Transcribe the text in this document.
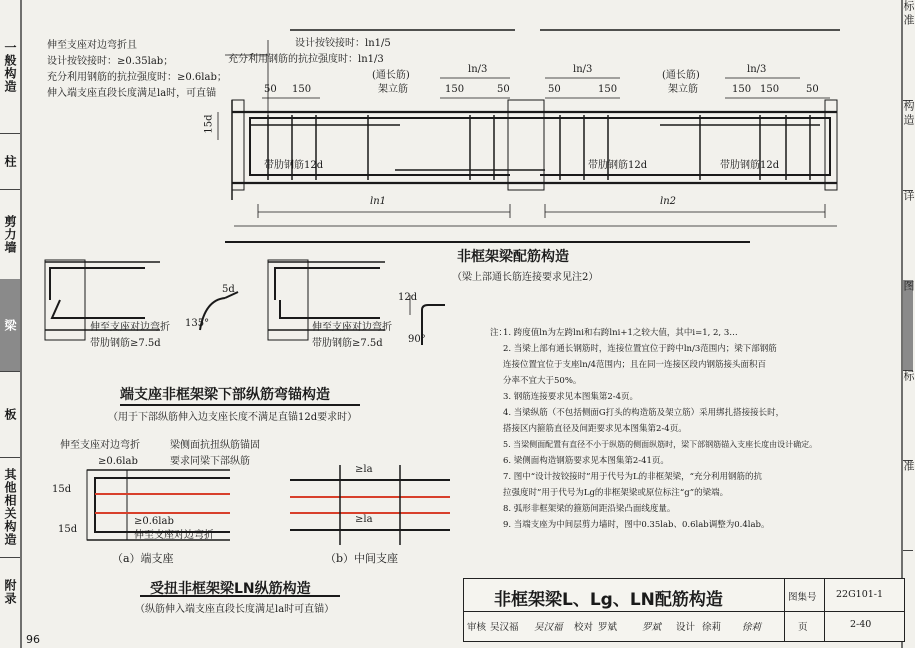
一般构造
柱
剪力墙
梁
板
其他相关构造
附录
96
标准
构造
详
图
标
准
伸至支座对边弯折且
设计按铰接时：≥0.35lab；
充分利用钢筋的抗拉强度时：≥0.6lab；
伸入端支座直段长度满足la时，可直锚
设计按铰接时：ln1/5
充分利用钢筋的抗拉强度时：ln1/3
50 150
ln/3
150	50	50
ln/3
150	150
ln/3
150	50
15d
(通长筋)
架立筋
(通长筋)
架立筋
带肋钢筋12d	带肋钢筋12d	带肋钢筋12d
ln1	ln2
非框架梁配筋构造
（梁上部通长筋连接要求见注2）
伸至支座对边弯折
带肋钢筋≥7.5d
伸至支座对边弯折
带肋钢筋≥7.5d
5d
135°
12d
90°
端支座非框架梁下部纵筋弯锚构造
（用于下部纵筋伸入边支座长度不满足直锚12d要求时）
伸至支座对边弯折
≥0.6lab
梁侧面抗扭纵筋锚固
要求同梁下部纵筋
15d
15d
≥0.6lab
伸至支座对边弯折
≥la
≥la
（a）端支座	（b）中间支座
受扭非框架梁LN纵筋构造
（纵筋伸入端支座直段长度满足la时可直锚）
注：
1. 跨度值ln为左跨lni和右跨lni+1之较大值，其中i=1, 2, 3…
2. 当梁上部有通长钢筋时，连接位置宜位于跨中ln/3范围内；梁下部钢筋
连接位置宜位于支座ln/4范围内；且在同一连接区段内钢筋接头面积百
分率不宜大于50%。
3. 钢筋连接要求见本图集第2-4页。
4. 当梁纵筋（不包括侧面G打头的构造筋及架立筋）采用绑扎搭接接长时，
搭接区内箍筋直径及间距要求见本图集第2-4页。
5. 当梁侧面配置有直径不小于纵筋的侧面纵筋时，梁下部钢筋锚入支座长度由设计确定。
6. 梁侧面构造钢筋要求见本图集第2-41页。
7. 图中“设计按铰接时”用于代号为L的非框架梁，“充分利用钢筋的抗
拉强度时”用于代号为Lg的非框架梁或原位标注“g”的梁端。
8. 弧形非框架梁的箍筋间距沿梁凸面线度量。
9. 当端支座为中间层剪力墙时，图中0.35lab、0.6lab调整为0.4lab。
非框架梁L、Lg、LN配筋构造	图集号 22G101-1
审核 吴汉福 吴汉福 校对 罗斌	罗斌 设计 徐莉 徐莉	页	2-40
